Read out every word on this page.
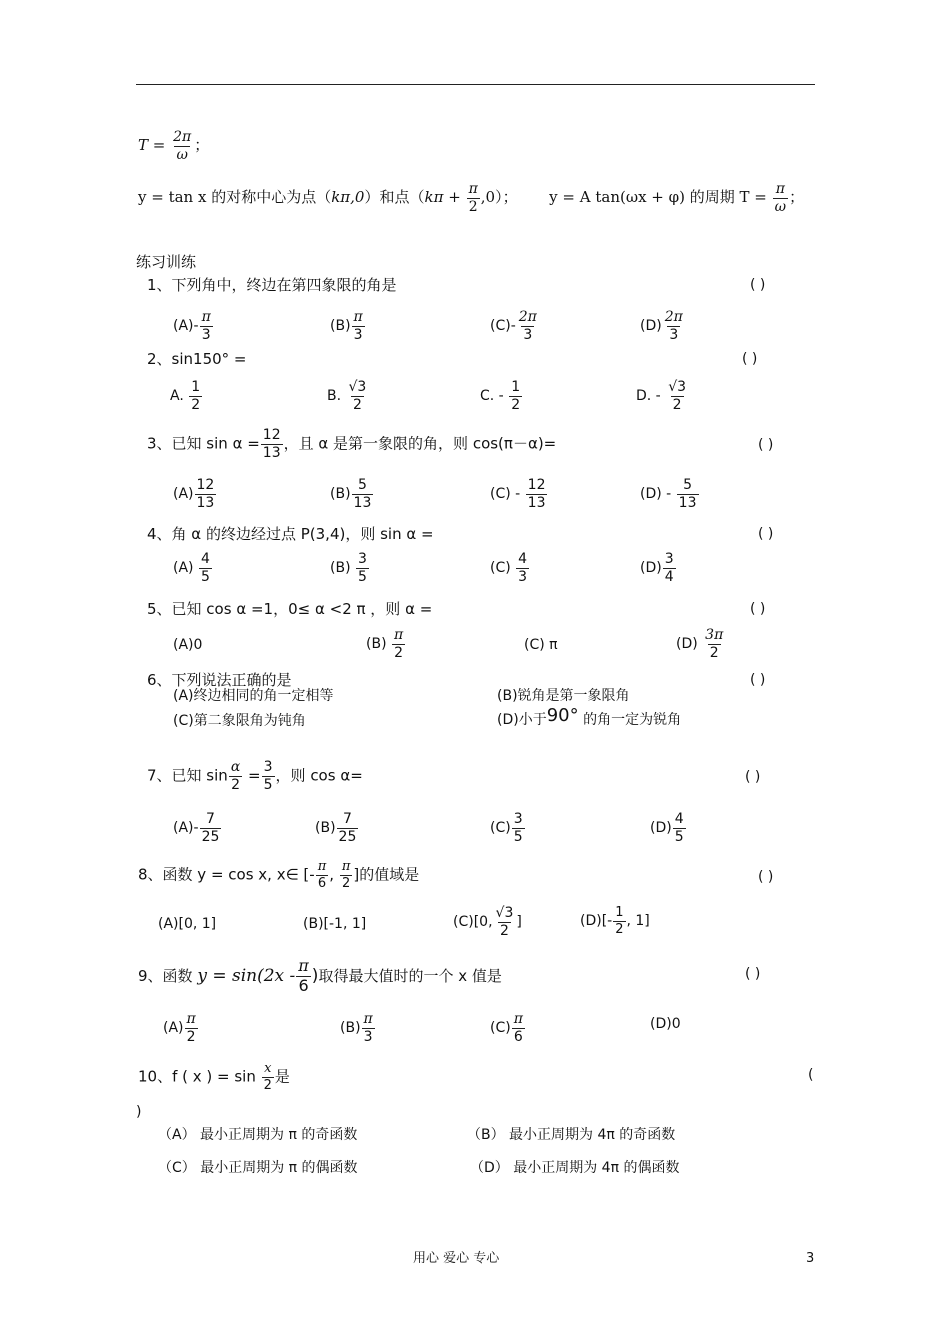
$T = \frac{2\pi}{\omega}$ ；
y = tan x 的对称中心为点（kπ,0）和点$(k\pi + \frac{\pi}{2} ,0)$； y = A tan(ωx + φ) 的周期 $T = \frac{\pi}{\omega}$ ；
练习训练
1、下列角中，终边在第四象限的角是	( )
$(A)- \frac{\pi}{3}$	$(B) \frac{\pi}{3}$	$(C)- \frac{2\pi}{3}$	$(D) \frac{2\pi}{3}$
2、sin150° =	( )
A. $\frac{1}{2}$	B. $\frac{√3}{2}$	C. - $\frac{1}{2}$	D. - $\frac{√3}{2}$
3、已知 $\sin \alpha = \frac{12}{13}$ ，且 α 是第一象限的角，则 cos(π－α)=	( )
$(A) \frac{12}{13}$	$(B) \frac{5}{13}$	$(C) - \frac{12}{13}$	$(D) - \frac{5}{13}$
4、角 α 的终边经过点 P(3,4)，则 sin α =	( )
$(A) \frac{4}{5}$	$(B) \frac{3}{5}$	$(C) \frac{4}{3}$	$(D) \frac{3}{4}$
5、已知 cos α =1，0≤ α <2 π ，则 α =	( )
(A)0	$(B) \frac{\pi}{2}$	(C) π	$(D) \frac{3\pi}{2}$
6、下列说法正确的是	( )
(A)终边相同的角一定相等	(B)锐角是第一象限角
(C)第二象限角为钝角	(D)小于90° 的角一定为锐角
7、已知 $\sin \frac{\alpha}{2} = \frac{3}{5}$ ，则 cos α=	( )
$(A)- \frac{7}{25}$	$(B) \frac{7}{25}$	$(C) \frac{3}{5}$	$(D) \frac{4}{5}$
8、函数 y = cos x, x∈ [- $\frac{\pi}{6}$ , $\frac{\pi}{2}$ ]的值域是	( )
(A)[0, 1]	(B)[-1, 1]	(C)[0, $\frac{√3}{2}$ ]	$(D)[- \frac{1}{2}$ , 1]
9、函数 $y = \sin(2x - \frac{\pi}{6}$ )取得最大值时的一个 x 值是	( )
$(A) \frac{\pi}{2}$	$(B) \frac{\pi}{3}$	$(C) \frac{\pi}{6}$	(D)0
10、f ( x ) = $\sin \frac{x}{2}$ 是	(
)
（A） 最小正周期为 π 的奇函数	（B） 最小正周期为 4π 的奇函数
（C） 最小正周期为 π 的偶函数	（D） 最小正周期为 4π 的偶函数
用心 爱心 专心	3
